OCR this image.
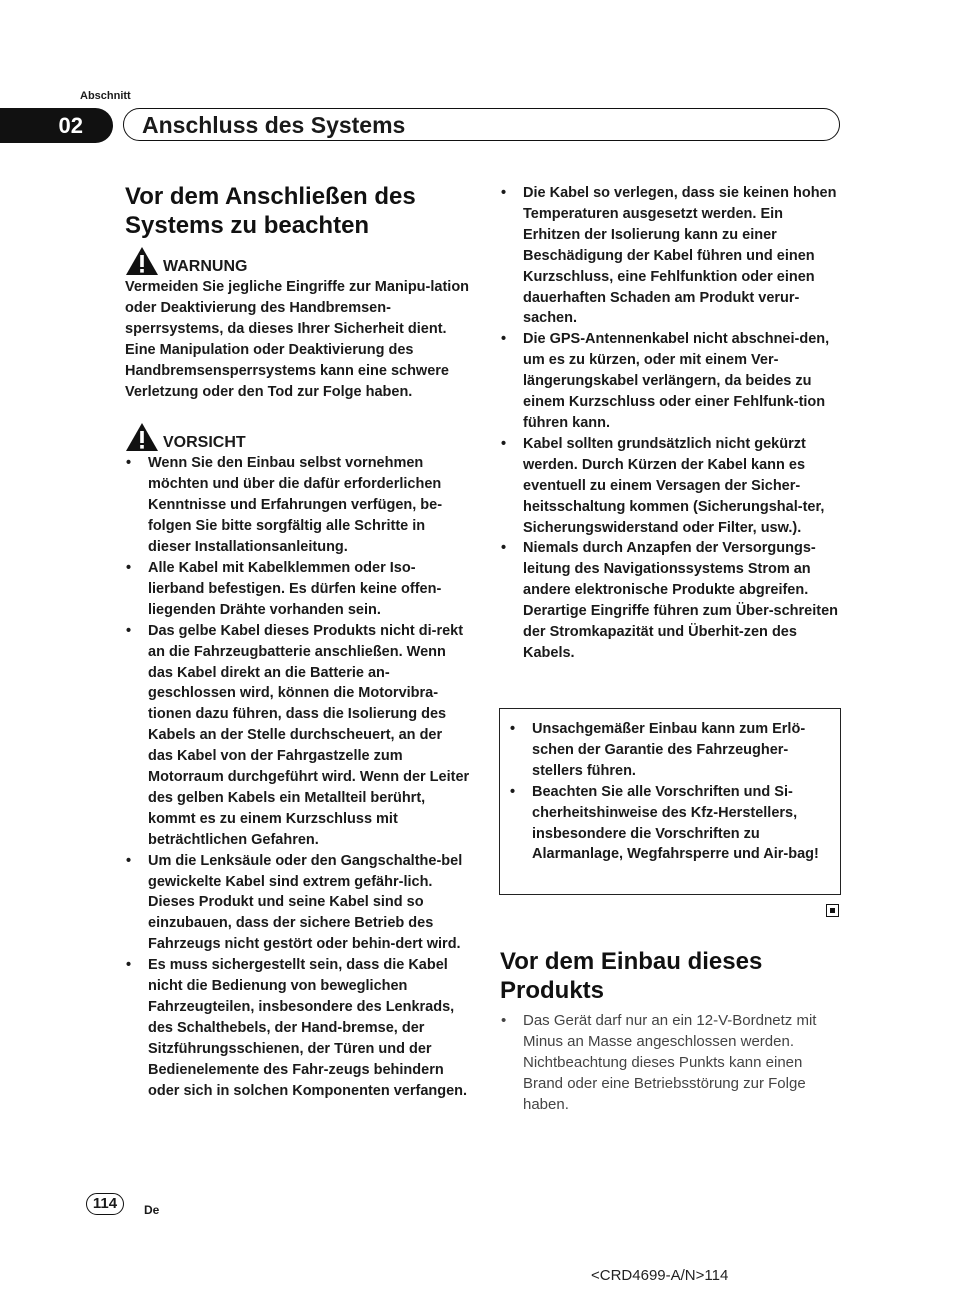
Abschnitt
02	Anschluss des Systems
Vor dem Anschließen des Systems zu beachten
WARNUNG
Vermeiden Sie jegliche Eingriffe zur Manipu-lation oder Deaktivierung des Handbremsen-sperrsystems, da dieses Ihrer Sicherheit dient. Eine Manipulation oder Deaktivierung des Handbremsensperrsystems kann eine schwere Verletzung oder den Tod zur Folge haben.
VORSICHT
• Wenn Sie den Einbau selbst vornehmen möchten und über die dafür erforderlichen Kenntnisse und Erfahrungen verfügen, be-folgen Sie bitte sorgfältig alle Schritte in dieser Installationsanleitung.
• Alle Kabel mit Kabelklemmen oder Iso-lierband befestigen. Es dürfen keine offen-liegenden Drähte vorhanden sein.
• Das gelbe Kabel dieses Produkts nicht di-rekt an die Fahrzeugbatterie anschließen. Wenn das Kabel direkt an die Batterie an-geschlossen wird, können die Motorvibra-tionen dazu führen, dass die Isolierung des Kabels an der Stelle durchscheuert, an der das Kabel von der Fahrgastzelle zum Motorraum durchgeführt wird. Wenn der Leiter des gelben Kabels ein Metallteil berührt, kommt es zu einem Kurzschluss mit beträchtlichen Gefahren.
• Um die Lenksäule oder den Gangschalthe-bel gewickelte Kabel sind extrem gefähr-lich. Dieses Produkt und seine Kabel sind so einzubauen, dass der sichere Betrieb des Fahrzeugs nicht gestört oder behin-dert wird.
• Es muss sichergestellt sein, dass die Kabel nicht die Bedienung von beweglichen Fahrzeugteilen, insbesondere des Lenkrads, des Schalthebels, der Hand-bremse, der Sitzführungsschienen, der Türen und der Bedienelemente des Fahr-zeugs behindern oder sich in solchen Komponenten verfangen.
• Die Kabel so verlegen, dass sie keinen hohen Temperaturen ausgesetzt werden. Ein Erhitzen der Isolierung kann zu einer Beschädigung der Kabel führen und einen Kurzschluss, eine Fehlfunktion oder einen dauerhaften Schaden am Produkt verur-sachen.
• Die GPS-Antennenkabel nicht abschnei-den, um es zu kürzen, oder mit einem Ver-längerungskabel verlängern, da beides zu einem Kurzschluss oder einer Fehlfunk-tion führen kann.
• Kabel sollten grundsätzlich nicht gekürzt werden. Durch Kürzen der Kabel kann es eventuell zu einem Versagen der Sicher-heitsschaltung kommen (Sicherungshal-ter, Sicherungswiderstand oder Filter, usw.).
• Niemals durch Anzapfen der Versorgungs-leitung des Navigationssystems Strom an andere elektronische Produkte abgreifen. Derartige Eingriffe führen zum Über-schreiten der Stromkapazität und Überhit-zen des Kabels.
• Unsachgemäßer Einbau kann zum Erlö-schen der Garantie des Fahrzeugher-stellers führen.
• Beachten Sie alle Vorschriften und Si-cherheitshinweise des Kfz-Herstellers, insbesondere die Vorschriften zu Alarmanlage, Wegfahrsperre und Air-bag!
Vor dem Einbau dieses Produkts
• Das Gerät darf nur an ein 12-V-Bordnetz mit Minus an Masse angeschlossen werden. Nichtbeachtung dieses Punkts kann einen Brand oder eine Betriebsstörung zur Folge haben.
114	De
<CRD4699-A/N>114
